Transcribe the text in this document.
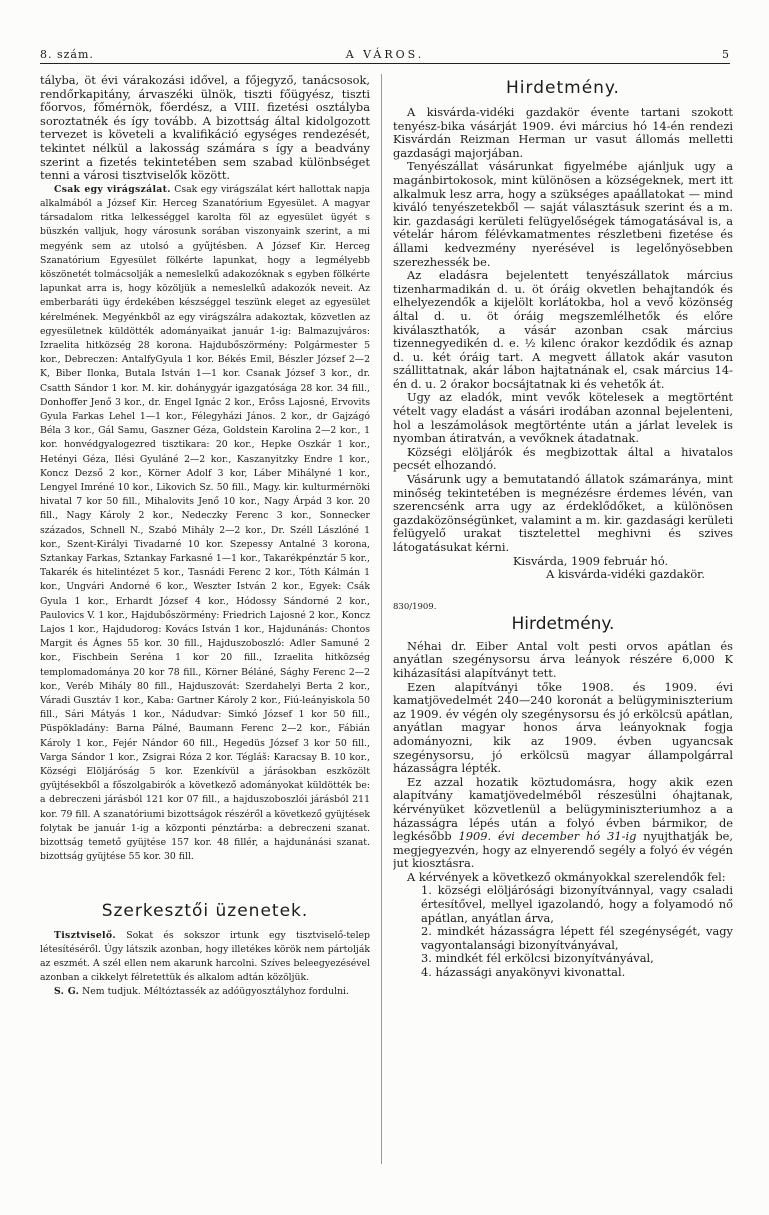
8. szám.	A VÁROS.	5

tályba, öt évi várakozási idővel, a főjegyző, tanácsosok, rendőrkapitány, árvaszéki ülnök, tiszti főügyész, tiszti főorvos, főmérnök, főerdész, a VIII. fizetési osztályba soroztatnék és így tovább. A bizottság által kidolgozott tervezet is követeli a kvalifikáció egységes rendezését, tekintet nélkül a lakosság számára s így a beadvány szerint a fizetés tekintetében sem szabad különbséget tenni a városi tisztviselők között.

Csak egy virágszálat. Csak egy virágszálat kért hallottak napja alkalmából a József Kir. Herceg Szanatórium Egyesület. A magyar társadalom ritka lelkességgel karolta föl az egyesület ügyét s büszkén valljuk, hogy városunk sorában viszonyaink szerint, a mi megyénk sem az utolsó a gyűjtésben. A József Kir. Herceg Szanatórium Egyesület fölkérte lapunkat, hogy a legmélyebb köszönetét tolmácsolják a nemeslelkű adakozóknak s egyben fölkérte lapunkat arra is, hogy közöljük a nemeslelkű adakozók neveit. Az emberbaráti ügy érdekében készséggel teszünk eleget az egyesület kérelmének. Megyénkből az egy virágszálra adakoztak, közvetlen az egyesületnek küldötték adományaikat január 1-ig: Balmazujváros: Izraelita hitközség 28 korona. Hajdubőszörmény: Polgármester 5 kor., Debreczen: AntalfyGyula 1 kor. Békés Emil, Bészler József 2—2 K, Biber Ilonka, Butala István 1—1 kor. Csanak József 3 kor., dr. Csatth Sándor 1 kor. M. kir. dohánygyár igazgatósága 28 kor. 34 fill., Donhoffer Jenő 3 kor., dr. Engel Ignác 2 kor., Erőss Lajosné, Ervovits Gyula Farkas Lehel 1—1 kor., Félegyházi János. 2 kor., dr Gajzágó Béla 3 kor., Gál Samu, Gaszner Géza, Goldstein Karolina 2—2 kor., 1 kor. honvédgyalogezred tisztikara: 20 kor., Hepke Oszkár 1 kor., Hetényi Géza, Ilési Gyuláné 2—2 kor., Kaszanyitzky Endre 1 kor., Koncz Dezső 2 kor., Körner Adolf 3 kor, Láber Mihályné 1 kor., Lengyel Imréné 10 kor., Likovich Sz. 50 fill., Magy. kir. kulturmérnöki hivatal 7 kor 50 fill., Mihalovits Jenő 10 kor., Nagy Árpád 3 kor. 20 fill., Nagy Károly 2 kor., Nedeczky Ferenc 3 kor., Sonnecker százados, Schnell N., Szabó Mihály 2—2 kor., Dr. Széll Lászlóné 1 kor., Szent-Királyi Tivadarné 10 kor. Szepessy Antalné 3 korona, Sztankay Farkas, Sztankay Farkasné 1—1 kor., Takarékpénztár 5 kor., Takarék és hitelintézet 5 kor., Tasnádi Ferenc 2 kor., Tóth Kálmán 1 kor., Ungvári Andorné 6 kor., Weszter István 2 kor., Egyek: Csák Gyula 1 kor., Erhardt József 4 kor., Hódossy Sándorné 2 kor., Paulovics V. 1 kor., Hajdubőszörmény: Friedrich Lajosné 2 kor., Koncz Lajos 1 kor., Hajdudorog: Kovács István 1 kor., Hajdunánás: Chontos Margit és Ágnes 55 kor. 30 fill., Hajduszoboszló: Adler Samuné 2 kor., Fischbein Seréna 1 kor 20 fill., Izraelita hitközség templomadománya 20 kor 78 fill., Körner Béláné, Sághy Ferenc 2—2 kor., Veréb Mihály 80 fill., Hajduszovát: Szerdahelyi Berta 2 kor., Váradi Gusztáv 1 kor., Kaba: Gartner Károly 2 kor., Fiú-leányiskola 50 fill., Sári Mátyás 1 kor., Nádudvar: Simkó József 1 kor 50 fill., Püspökladány: Barna Pálné, Baumann Ferenc 2—2 kor., Fábián Károly 1 kor., Fejér Nándor 60 fill., Hegedüs József 3 kor 50 fill., Varga Sándor 1 kor., Zsigrai Róza 2 kor. Tégláš: Karacsay B. 10 kor., Községi Elöljáróság 5 kor. Ezenkívül a járásokban eszközölt gyüjtésekből a főszolgabirók a következő adományokat küldötték be: a debreczeni járásból 121 kor 07 fill., a hajduszoboszlói járásból 211 kor. 79 fill. A szanatóriumi bizottságok részéről a következő gyüjtések folytak be január 1-ig a központi pénztárba: a debreczeni szanat. bizottság temető gyüjtése 157 kor. 48 fillér, a hajdunánási szanat. bizottság gyüjtése 55 kor. 30 fill.

Szerkesztői üzenetek.

Tisztviselő. Sokat és sokszor irtunk egy tisztviselő-telep létesítéséről. Úgy látszik azonban, hogy illetékes körök nem pártolják az eszmét. A szél ellen nem akarunk harcolni. Szíves beleegyezésével azonban a cikkelyt félretettük és alkalom adtán közöljük.

S. G. Nem tudjuk. Méltóztassék az adóügyosztályhoz fordulni.

Hirdetmény.

A kisvárda-vidéki gazdakör évente tartani szokott tenyész-bika vásárját 1909. évi március hó 14-én rendezi Kisvárdán Reizman Herman ur vasut állomás melletti gazdasági majorjában.

Tenyészállat vásárunkat figyelmébe ajánljuk ugy a magánbirtokosok, mint különösen a községeknek, mert itt alkalmuk lesz arra, hogy a szükséges apaállatokat — mind kiváló tenyészetekből — saját választásuk szerint és a m. kir. gazdasági kerületi felügyelőségek támogatásával is, a vételár három félévkamatmentes részletbeni fizetése és állami kedvezmény nyerésével is legelőnyösebben szerezhessék be.

Az eladásra bejelentett tenyészállatok március tizenharmadikán d. u. öt óráig okvetlen behajtandók és elhelyezendők a kijelölt korlátokba, hol a vevő közönség által d. u. öt óráig megszemlélhetők és előre kiválaszthatók, a vásár azonban csak március tizennegyedikén d. e. ½ kilenc órakor kezdődik és aznap d. u. két óráig tart. A megvett állatok akár vasuton szállittatnak, akár lábon hajtatnának el, csak március 14-én d. u. 2 órakor bocsájtatnak ki és vehetők át.

Ugy az eladók, mint vevők kötelesek a megtörtént vételt vagy eladást a vásári irodában azonnal bejelenteni, hol a leszámolások megtörténte után a járlat levelek is nyomban átiratván, a vevőknek átadatnak.

Községi elöljárók és megbizottak által a hivatalos pecsét elhozandó.

Vásárunk ugy a bemutatandó állatok számaránya, mint minőség tekintetében is megnézésre érdemes lévén, van szerencsénk arra ugy az érdeklődőket, a különösen gazdaközönségünket, valamint a m. kir. gazdasági kerületi felügyelő urakat tisztelettel meghivni és szives látogatásukat kérni.

Kisvárda, 1909 február hó.

A kisvárda-vidéki gazdakör.

830/1909.

Hirdetmény.

Néhai dr. Eiber Antal volt pesti orvos apátlan és anyátlan szegénysorsu árva leányok részére 6,000 K kiházasítási alapítványt tett.

Ezen alapítványi tőke 1908. és 1909. évi kamatjövedelmét 240—240 koronát a belügyminiszterium az 1909. év végén oly szegénysorsu és jó erkölcsü apátlan, anyátlan magyar honos árva leányoknak fogja adományozni, kik az 1909. évben ugyancsak szegénysorsu, jó erkölcsü magyar állampolgárral házasságra lépték.

Ez azzal hozatik köztudomásra, hogy akik ezen alapítvány kamatjövedelméből részesülni óhajtanak, kérvényüket közvetlenül a belügyminiszteriumhoz a a házasságra lépés után a folyó évben bármikor, de legkésőbb 1909. évi december hó 31-ig nyujthatják be, megjegyezvén, hogy az elnyerendő segély a folyó év végén jut kiosztásra.

A kérvények a következő okmányokkal szerelendők fel:

1. községi elöljárósági bizonyítvánnyal, vagy csaladi értesítővel, mellyel igazolandó, hogy a folyamodó nő apátlan, anyátlan árva,

2. mindkét házasságra lépett fél szegénységét, vagy vagyontalansági bizonyítványával,

3. mindkét fél erkölcsi bizonyítványával,

4. házassági anyakönyvi kivonattal.
